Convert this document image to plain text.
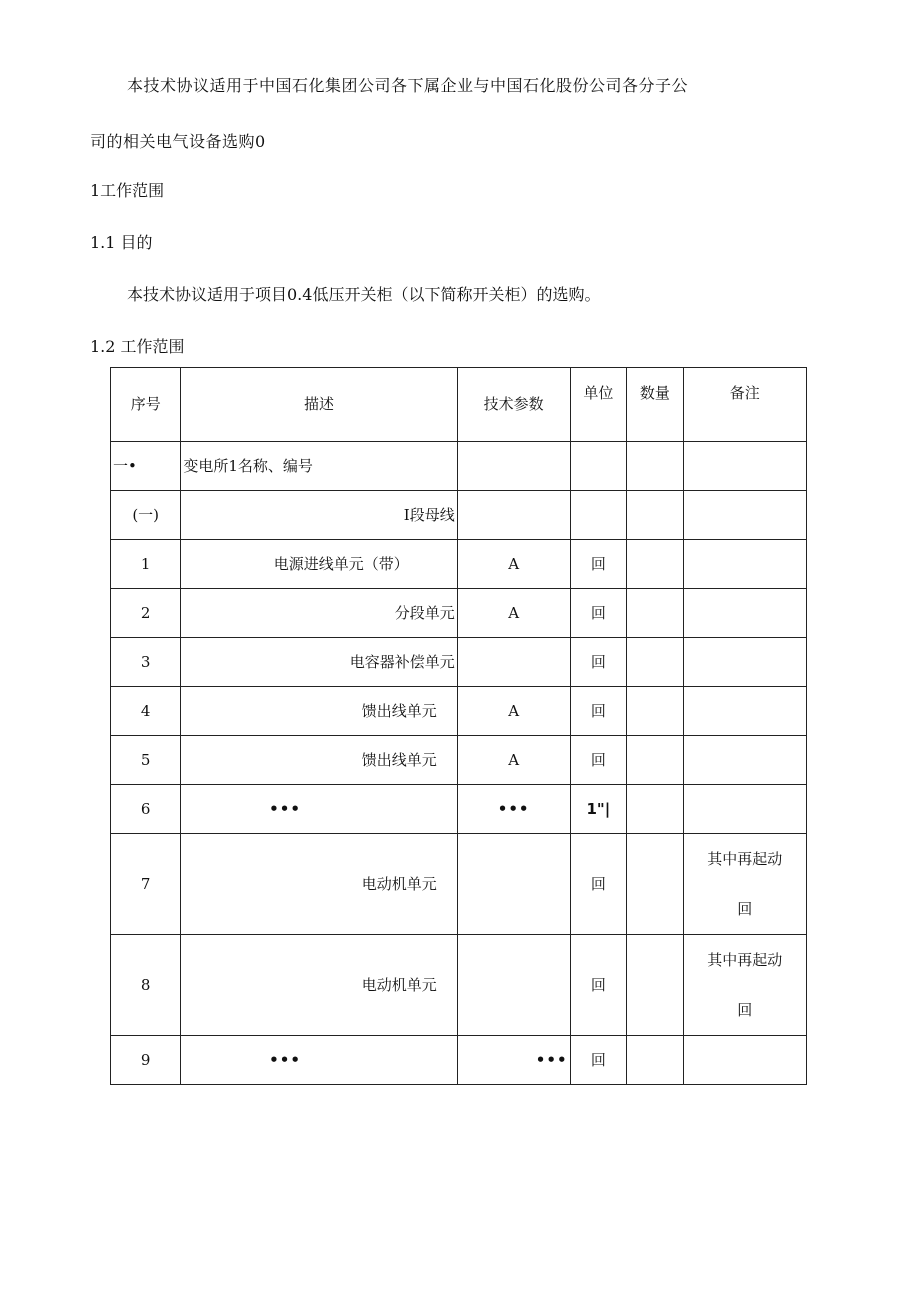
本技术协议适用于中国石化集团公司各下属企业与中国石化股份公司各分子公
司的相关电气设备选购0
1工作范围
1.1 目的
本技术协议适用于项目0.4低压开关柜（以下简称开关柜）的选购。
1.2 工作范围
序号	描述	技术参数	单位	数量	备注
一•	变电所1名称、编号				
(一)	I段母线				
1	电源进线单元（带）	A	回		
2	分段单元	A	回		
3	电容器补偿单元		回		
4	馈出线单元	A	回		
5	馈出线单元	A	回		
6	•••	•••	1"|		
7	电动机单元		回		其中再起动
回

8	电动机单元		回		其中再起动
回

9	•••	•••	回		
